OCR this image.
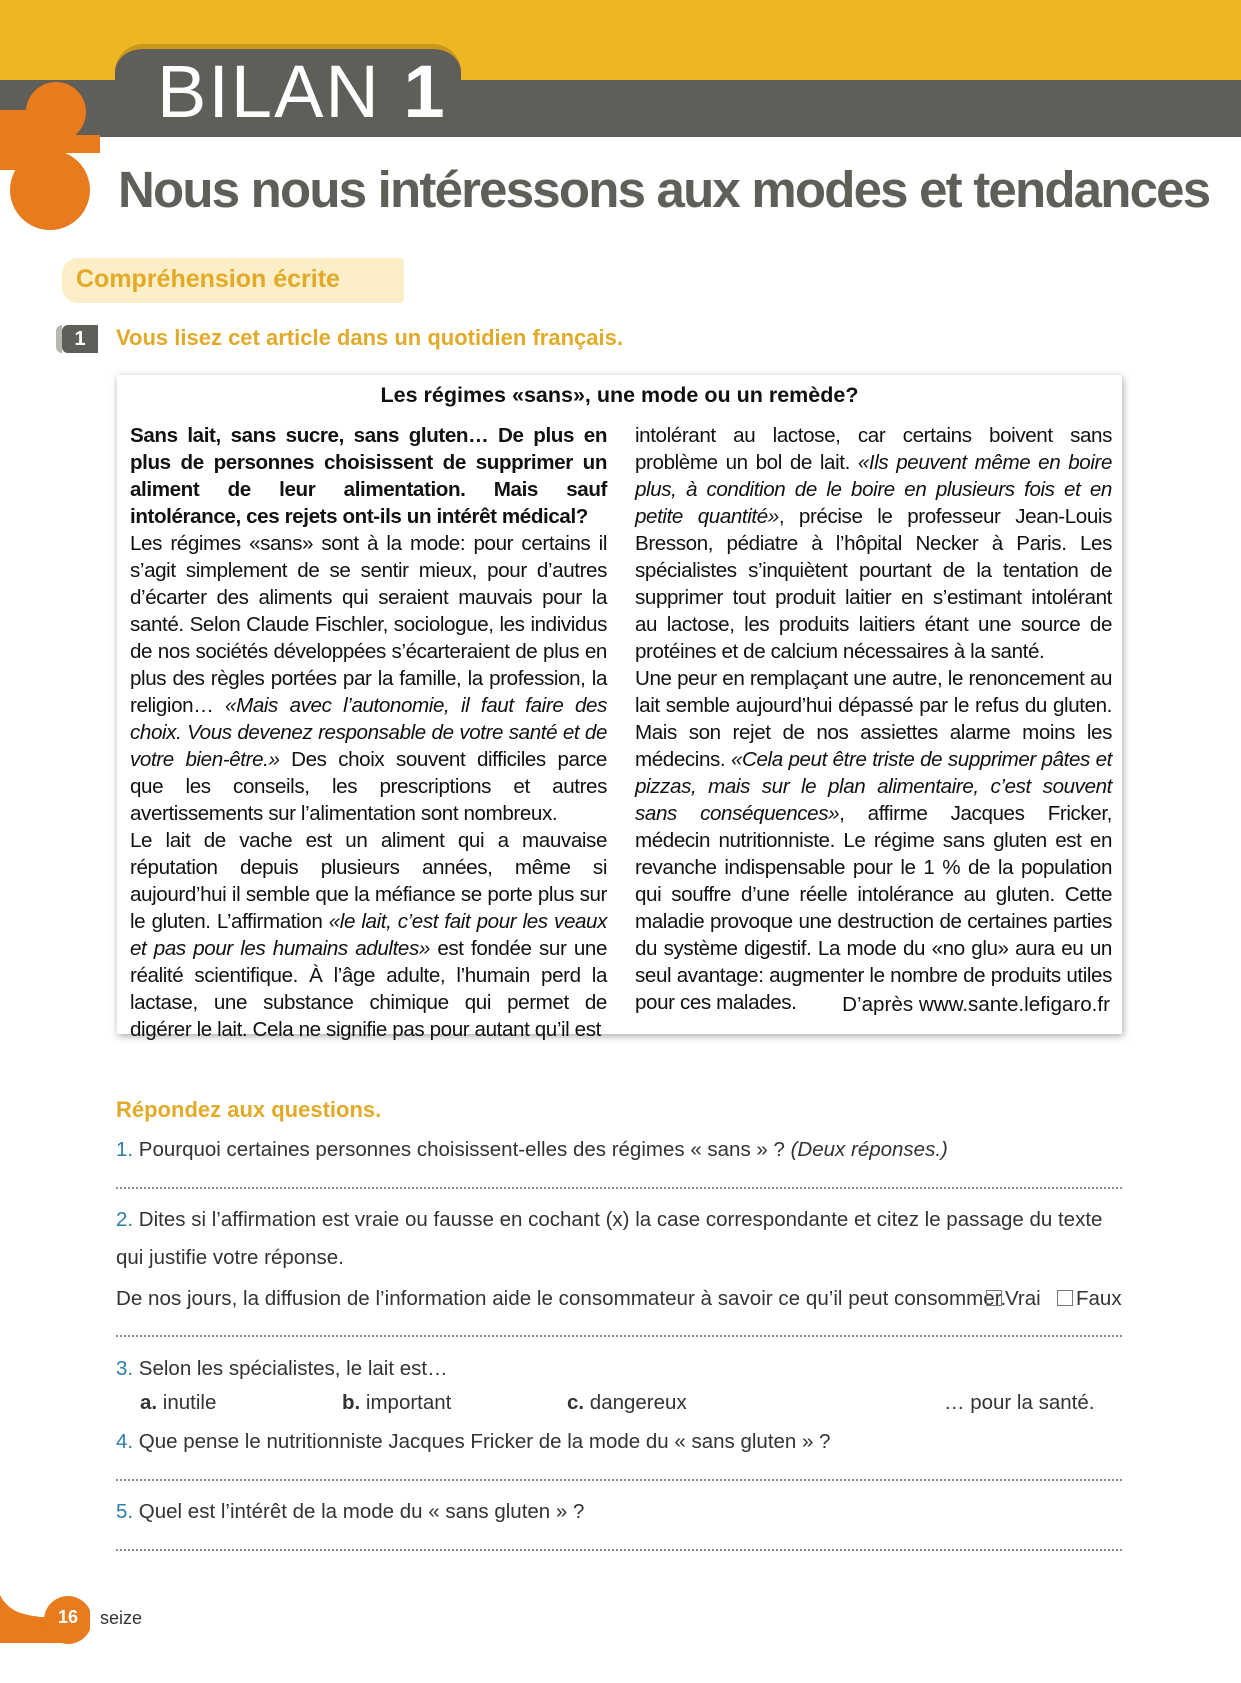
BILAN 1
Nous nous intéressons aux modes et tendances
Compréhension écrite
1	Vous lisez cet article dans un quotidien français.
Les régimes «sans», une mode ou un remède?

Sans lait, sans sucre, sans gluten… De plus en plus de personnes choisissent de supprimer un aliment de leur alimentation. Mais sauf intolérance, ces rejets ont-ils un intérêt médical?

Les régimes «sans» sont à la mode: pour certains il s’agit simplement de se sentir mieux, pour d’autres d’écarter des aliments qui seraient mauvais pour la santé. Selon Claude Fischler, sociologue, les individus de nos sociétés développées s’écarteraient de plus en plus des règles portées par la famille, la profession, la religion… «Mais avec l’autonomie, il faut faire des choix. Vous devenez responsable de votre santé et de votre bien-être.» Des choix souvent difficiles parce que les conseils, les prescriptions et autres avertissements sur l’alimentation sont nombreux.

Le lait de vache est un aliment qui a mauvaise réputation depuis plusieurs années, même si aujourd’hui il semble que la méfiance se porte plus sur le gluten. L’affirmation «le lait, c’est fait pour les veaux et pas pour les humains adultes» est fondée sur une réalité scientifique. À l’âge adulte, l’humain perd la lactase, une substance chimique qui permet de digérer le lait. Cela ne signifie pas pour autant qu’il est

intolérant au lactose, car certains boivent sans problème un bol de lait. «Ils peuvent même en boire plus, à condition de le boire en plusieurs fois et en petite quantité», précise le professeur Jean-Louis Bresson, pédiatre à l’hôpital Necker à Paris. Les spécialistes s’inquiètent pourtant de la tentation de supprimer tout produit laitier en s’estimant intolérant au lactose, les produits laitiers étant une source de protéines et de calcium nécessaires à la santé.

Une peur en remplaçant une autre, le renoncement au lait semble aujourd’hui dépassé par le refus du gluten. Mais son rejet de nos assiettes alarme moins les médecins. «Cela peut être triste de supprimer pâtes et pizzas, mais sur le plan alimentaire, c’est souvent sans conséquences», affirme Jacques Fricker, médecin nutritionniste. Le régime sans gluten est en revanche indispensable pour le 1 % de la population qui souffre d’une réelle intolérance au gluten. Cette maladie provoque une destruction de certaines parties du système digestif. La mode du «no glu» aura eu un seul avantage: augmenter le nombre de produits utiles pour ces malades.	D’après www.sante.lefigaro.fr
Répondez aux questions.
1. Pourquoi certaines personnes choisissent-elles des régimes « sans » ? (Deux réponses.)
2. Dites si l’affirmation est vraie ou fausse en cochant (x) la case correspondante et citez le passage du texte
qui justifie votre réponse.
De nos jours, la diffusion de l’information aide le consommateur à savoir ce qu’il peut consommer.
Vrai	Faux
3. Selon les spécialistes, le lait est…
a. inutile	b. important	c. dangereux	… pour la santé.
4. Que pense le nutritionniste Jacques Fricker de la mode du « sans gluten » ?
5. Quel est l’intérêt de la mode du « sans gluten » ?
16 seize
